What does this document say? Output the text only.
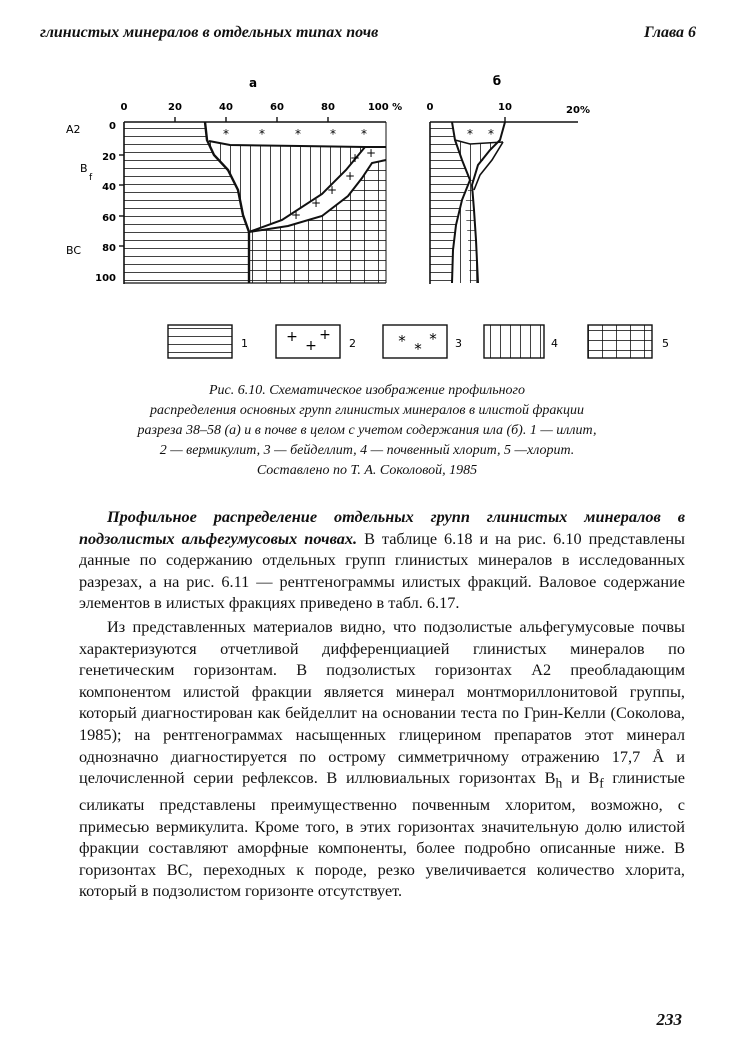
глинистых минералов в отдельных типах почв	Глава 6
а	б
0	20	40	60	80	100 % 0	10	20%
A2
B
f
BC
0
20
40
60
80
100
*	*	* * *
+ +
+
+
+
+
* *
1	+
+
+
2	* *
* 3	4	5
Рис. 6.10. Схематическое изображение профильного
распределения основных групп глинистых минералов в илистой фракции
разреза 38–58 (а) и в почве в целом с учетом содержания ила (б). 1 — иллит,
2 — вермикулит, 3 — бейделлит, 4 — почвенный хлорит, 5 —хлорит.
Составлено по Т. А. Соколовой, 1985

Профильное распределение отдельных групп глинистых минералов в подзолистых альфегумусовых почвах. В таблице 6.18 и на рис. 6.10 представлены данные по содержанию отдельных групп глинистых минералов в исследованных разрезах, а на рис. 6.11 — рентгенограммы илистых фракций. Валовое содержание элементов в илистых фракциях приведено в табл. 6.17.

Из представленных материалов видно, что подзолистые альфегумусовые почвы характеризуются отчетливой дифференциацией глинистых минералов по генетическим горизонтам. В подзолистых горизонтах А2 преобладающим компонентом илистой фракции является минерал монтмориллонитовой группы, который диагностирован как бейделлит на основании теста по Грин-Келли (Соколова, 1985); на рентгенограммах насыщенных глицерином препаратов этот минерал однозначно диагностируется по острому симметричному отражению 17,7 Å и целочисленной серии рефлексов. В иллювиальных горизонтах $B_h$ и $B_f$ глинистые силикаты представлены преимущественно почвенным хлоритом, возможно, с примесью вермикулита. Кроме того, в этих горизонтах значительную долю илистой фракции составляют аморфные компоненты, более подробно описанные ниже. В горизонтах ВС, переходных к породе, резко увеличивается количество хлорита, который в подзолистом горизонте отсутствует.

233
